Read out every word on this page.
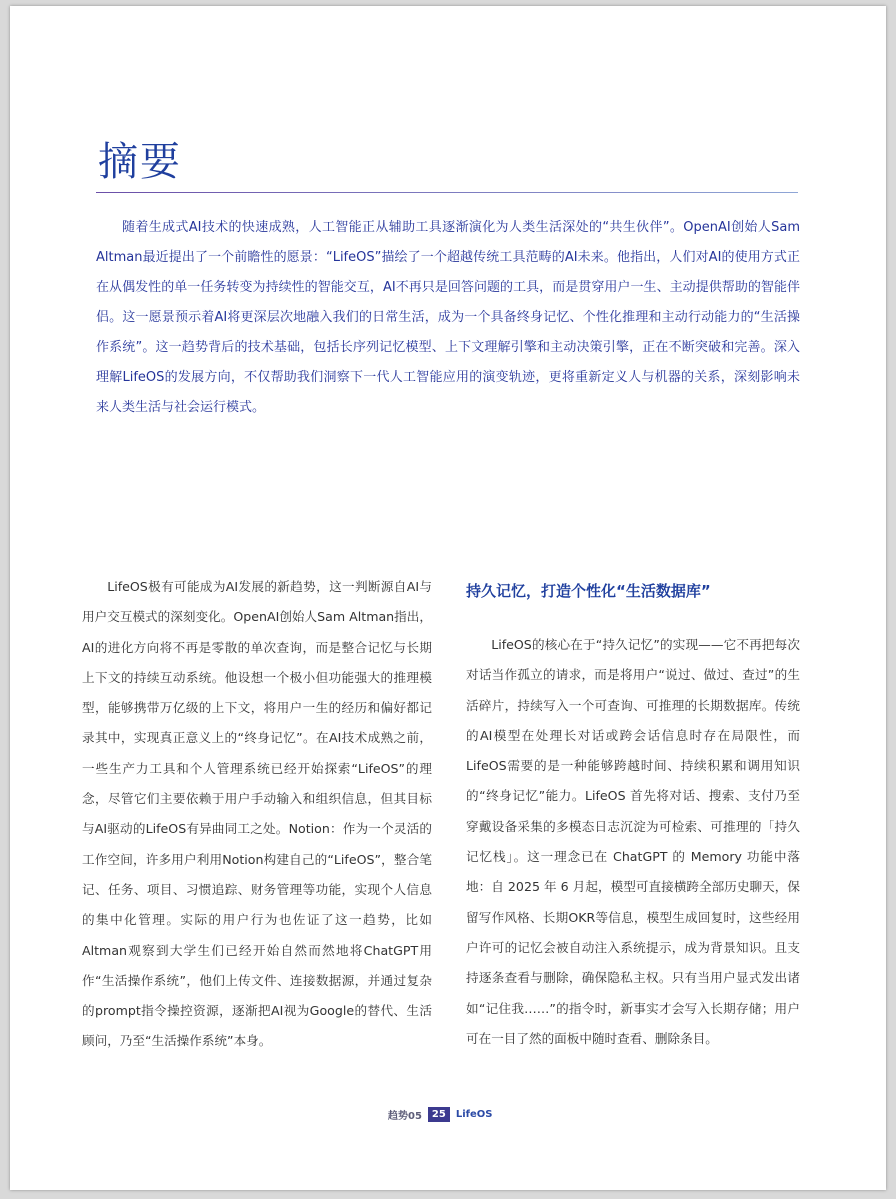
摘要

随着生成式AI技术的快速成熟，人工智能正从辅助工具逐渐演化为人类生活深处的“共生伙伴”。OpenAI创始人Sam Altman最近提出了一个前瞻性的愿景：“LifeOS”描绘了一个超越传统工具范畴的AI未来。他指出，人们对AI的使用方式正在从偶发性的单一任务转变为持续性的智能交互，AI不再只是回答问题的工具，而是贯穿用户一生、主动提供帮助的智能伴侣。这一愿景预示着AI将更深层次地融入我们的日常生活，成为一个具备终身记忆、个性化推理和主动行动能力的“生活操作系统”。这一趋势背后的技术基础，包括长序列记忆模型、上下文理解引擎和主动决策引擎，正在不断突破和完善。深入理解LifeOS的发展方向，不仅帮助我们洞察下一代人工智能应用的演变轨迹，更将重新定义人与机器的关系，深刻影响未来人类生活与社会运行模式。

LifeOS极有可能成为AI发展的新趋势，这一判断源自AI与用户交互模式的深刻变化。OpenAI创始人Sam Altman指出，AI的进化方向将不再是零散的单次查询，而是整合记忆与长期上下文的持续互动系统。他设想一个极小但功能强大的推理模型，能够携带万亿级的上下文，将用户一生的经历和偏好都记录其中，实现真正意义上的“终身记忆”。在AI技术成熟之前，一些生产力工具和个人管理系统已经开始探索“LifeOS”的理念，尽管它们主要依赖于用户手动输入和组织信息，但其目标与AI驱动的LifeOS有异曲同工之处。Notion：作为一个灵活的工作空间，许多用户利用Notion构建自己的“LifeOS”，整合笔记、任务、项目、习惯追踪、财务管理等功能，实现个人信息的集中化管理。实际的用户行为也佐证了这一趋势，比如Altman观察到大学生们已经开始自然而然地将ChatGPT用作“生活操作系统”，他们上传文件、连接数据源，并通过复杂的prompt指令操控资源，逐渐把AI视为Google的替代、生活顾问，乃至“生活操作系统”本身。

持久记忆，打造个性化“生活数据库”

LifeOS的核心在于“持久记忆”的实现——它不再把每次对话当作孤立的请求，而是将用户“说过、做过、查过”的生活碎片，持续写入一个可查询、可推理的长期数据库。传统的AI模型在处理长对话或跨会话信息时存在局限性，而LifeOS需要的是一种能够跨越时间、持续积累和调用知识的“终身记忆”能力。LifeOS 首先将对话、搜索、支付乃至穿戴设备采集的多模态日志沉淀为可检索、可推理的「持久记忆栈」。这一理念已在 ChatGPT 的 Memory 功能中落地：自 2025 年 6 月起，模型可直接横跨全部历史聊天，保留写作风格、长期OKR等信息，模型生成回复时，这些经用户许可的记忆会被自动注入系统提示，成为背景知识。且支持逐条查看与删除，确保隐私主权。只有当用户显式发出诸如“记住我……”的指令时，新事实才会写入长期存储；用户可在一目了然的面板中随时查看、删除条目。

趋势05	25	LifeOS
